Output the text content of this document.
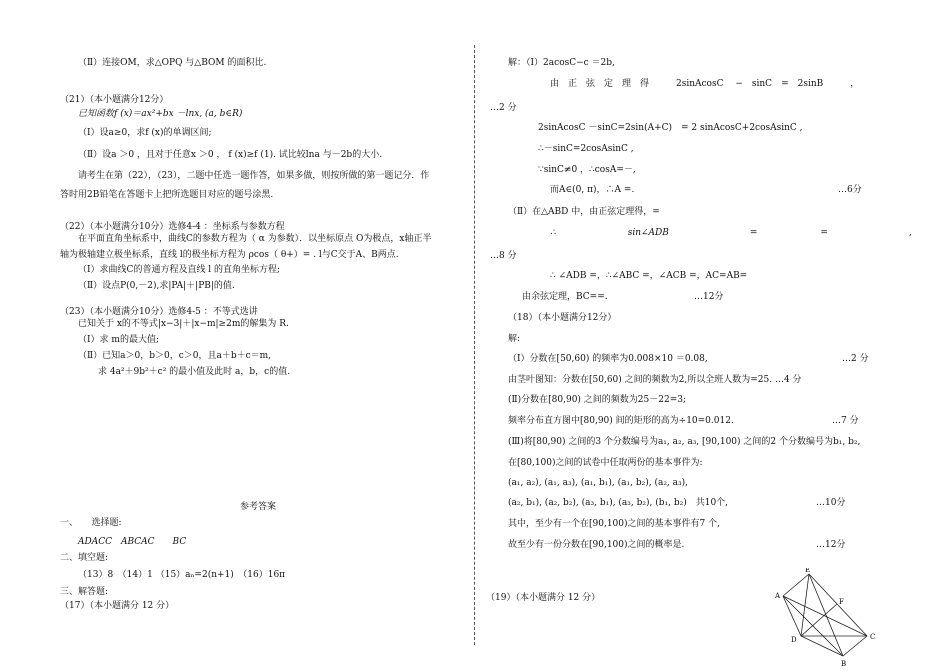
（Ⅱ）连接OM，求△OPQ 与△BOM 的面积比.
（21）（本小题满分12分）
已知函数f (x)＝ax²+bx －lnx, (a, b∈R)
（Ⅰ）设a≥0，求f (x)的单调区间;
（Ⅱ）设a ＞0 ，且对于任意x ＞0 ， f (x)≥f (1). 试比较lna 与－2b的大小.
请考生在第（22），（23），二题中任选一题作答，如果多做，则按所做的第一题记分．作
答时用2B铅笔在答题卡上把所选题目对应的题号涂黑.
（22）（本小题满分10分）选修4-4 ：坐标系与参数方程
在平面直角坐标系中，曲线C的参数方程为（ α 为参数）．以坐标原点 O为极点，x轴正半
轴为极轴建立极坐标系，直线 l的极坐标方程为 ρcos（ θ+）= . l与C交于A、B两点.
（Ⅰ）求曲线C的普通方程及直线 l 的直角坐标方程;
（Ⅱ）设点P(0,－2),求|PA|＋|PB|的值.
（23）（本小题满分10分）选修4-5 ：不等式选讲
已知关于 x的不等式|x−3|＋|x−m|≥2m的解集为 R.
（Ⅰ）求 m的最大值;
（Ⅱ）已知a＞0，b＞0，c＞0，且a＋b＋c＝m,
求 4a²＋9b²＋c² 的最小值及此时 a，b，c的值.
参考答案
一、　　选择题:
ADACC　ABCAC　　BC
二、填空题:
（13）8　（14）1 （15）aₙ=2(n+1)　（16）16π
三、解答题:
（17）（本小题满分 12 分）
解：（Ⅰ）2acosC−c ＝2b,
由　正　弦　定　理　得　　　2sinAcosC　 −　sinC　=　2sinB　　　，
…2 分
2sinAcosC －sinC=2sin(A+C)　= 2 sinAcosC+2cosAsinC ,
∴－sinC=2cosAsinC ,
∵sinC≠0 ，∴cosA=－,
而A∈(0, π)，∴A =.	…6分
（Ⅱ）在△ABD 中，由正弦定理得，=
∴　　　　　　　　sin∠ADB　　　　　　　　　=　　　　　　　=　　　　　　　　　,
…8 分
∴ ∠ADB =，∴∠ABC =，∠ACB =，AC=AB=
由余弦定理，BC==.	…12分
（18）（本小题满分12分）
解:
（Ⅰ）分数在[50,60) 的频率为0.008×10 ＝0.08,	…2 分
由茎叶图知：分数在[50,60) 之间的频数为2,所以全班人数为=25. …4 分
(Ⅱ)分数在[80,90) 之间的频数为25－22=3;
频率分布直方图中[80,90) 间的矩形的高为÷10=0.012.	…7 分
(Ⅲ)将[80,90) 之间的3 个分数编号为a₁, a₂, a₃, [90,100) 之间的2 个分数编号为b₁, b₂,
在[80,100)之间的试卷中任取两份的基本事件为:
(a₁, a₂), (a₁, a₃), (a₁, b₁), (a₁, b₂), (a₂, a₃),
(a₂, b₁), (a₂, b₂), (a₃, b₁), (a₃, b₂), (b₁, b₂)　共10个,	…10分
其中，至少有一个在[90,100)之间的基本事件有7 个,
故至少有一份分数在[90,100)之间的概率是.	…12分
（19）（本小题满分 12 分）
E
A
F
D	C
B
